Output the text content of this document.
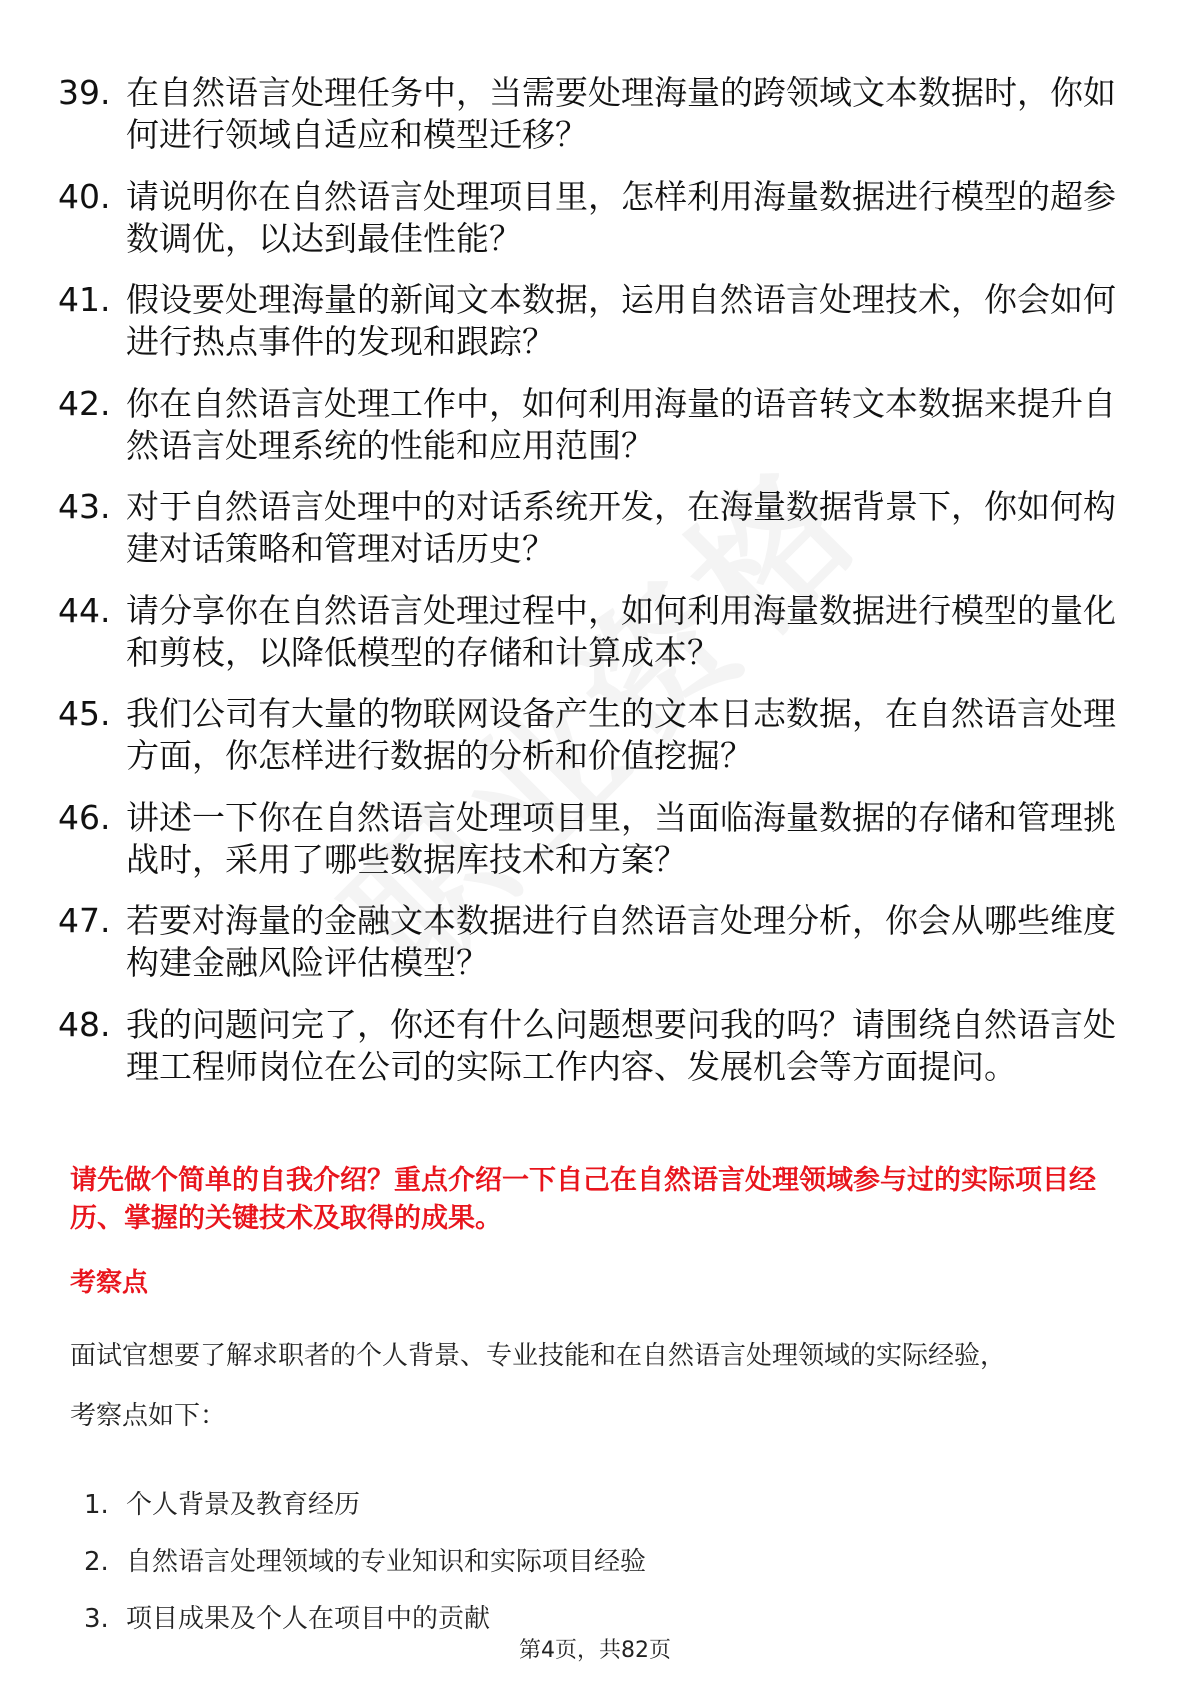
39. 在自然语言处理任务中，当需要处理海量的跨领域文本数据时，你如何进行领域自适应和模型迁移？
40. 请说明你在自然语言处理项目里，怎样利用海量数据进行模型的超参数调优，以达到最佳性能？
41. 假设要处理海量的新闻文本数据，运用自然语言处理技术，你会如何进行热点事件的发现和跟踪？
42. 你在自然语言处理工作中，如何利用海量的语音转文本数据来提升自然语言处理系统的性能和应用范围？
43. 对于自然语言处理中的对话系统开发，在海量数据背景下，你如何构建对话策略和管理对话历史？
44. 请分享你在自然语言处理过程中，如何利用海量数据进行模型的量化和剪枝，以降低模型的存储和计算成本？
45. 我们公司有大量的物联网设备产生的文本日志数据，在自然语言处理方面，你怎样进行数据的分析和价值挖掘？
46. 讲述一下你在自然语言处理项目里，当面临海量数据的存储和管理挑战时，采用了哪些数据库技术和方案？
47. 若要对海量的金融文本数据进行自然语言处理分析，你会从哪些维度构建金融风险评估模型？
48. 我的问题问完了，你还有什么问题想要问我的吗？请围绕自然语言处理工程师岗位在公司的实际工作内容、发展机会等方面提问。

请先做个简单的自我介绍？重点介绍一下自己在自然语言处理领域参与过的实际项目经历、掌握的关键技术及取得的成果。

考察点

面试官想要了解求职者的个人背景、专业技能和在自然语言处理领域的实际经验，

考察点如下：

1. 个人背景及教育经历
2. 自然语言处理领域的专业知识和实际项目经验
3. 项目成果及个人在项目中的贡献
第4页，共82页
